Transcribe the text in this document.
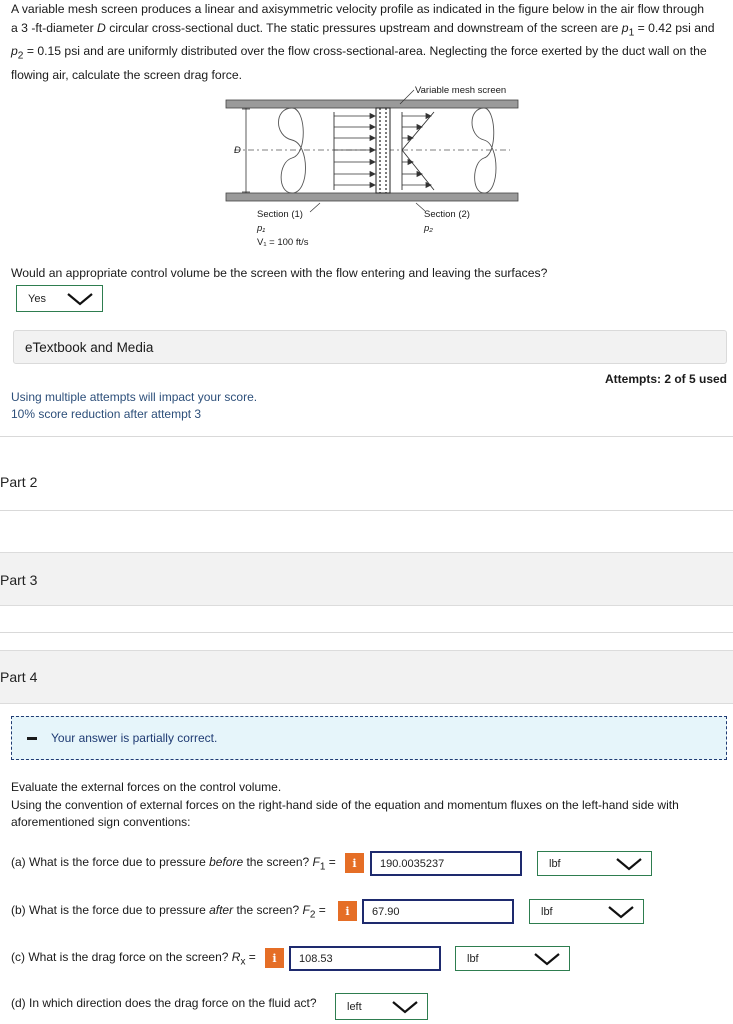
A variable mesh screen produces a linear and axisymmetric velocity profile as indicated in the figure below in the air flow through
a 3 -ft-diameter D circular cross-sectional duct. The static pressures upstream and downstream of the screen are $p_1 = 0.42$ psi and
$p_2 = 0.15$ psi and are uniformly distributed over the flow cross-sectional-area. Neglecting the force exerted by the duct wall on the
flowing air, calculate the screen drag force.
D
Variable mesh screen
Section (1)
p₁
V₁ = 100 ft/s
Section (2)
p₂
Would an appropriate control volume be the screen with the flow entering and leaving the surfaces?
Yes
eTextbook and Media
Attempts: 2 of 5 used
Using multiple attempts will impact your score.
10% score reduction after attempt 3
Part 2
Part 3
Part 4
Your answer is partially correct.
Evaluate the external forces on the control volume.
Using the convention of external forces on the right-hand side of the equation and momentum fluxes on the left-hand side with
aforementioned sign conventions:
(a) What is the force due to pressure before the screen? $F_1$ =	i	190.0035237	lbf
(b) What is the force due to pressure after the screen? $F_2$ =	i	67.90	lbf
(c) What is the drag force on the screen? $R_x$ =	i	108.53	lbf
(d) In which direction does the drag force on the fluid act?	left
